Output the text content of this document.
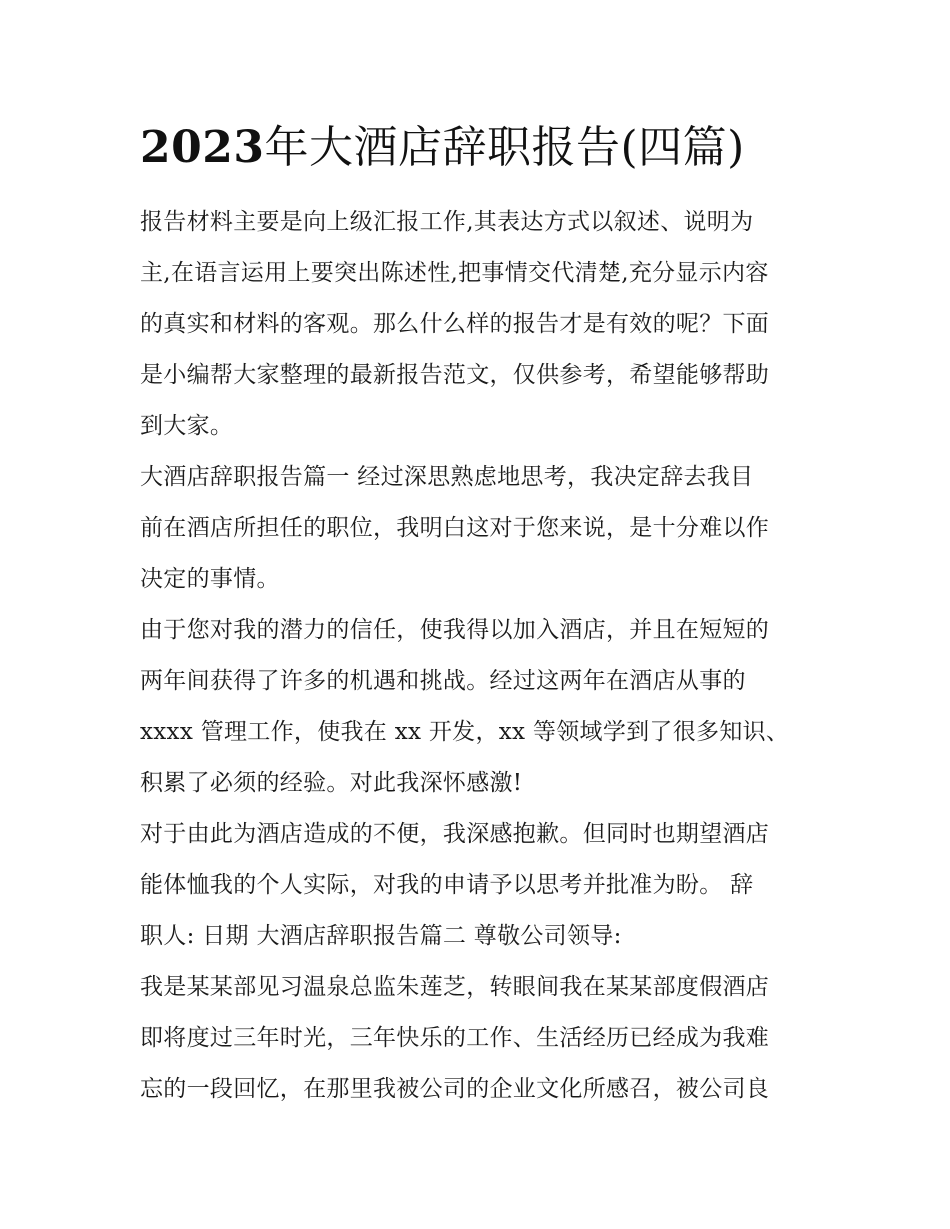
2023年大酒店辞职报告(四篇)
报告材料主要是向上级汇报工作,其表达方式以叙述、说明为
主,在语言运用上要突出陈述性,把事情交代清楚,充分显示内容
的真实和材料的客观。那么什么样的报告才是有效的呢？下面
是小编帮大家整理的最新报告范文，仅供参考，希望能够帮助
到大家。
大酒店辞职报告篇一 经过深思熟虑地思考，我决定辞去我目
前在酒店所担任的职位，我明白这对于您来说，是十分难以作
决定的事情。
由于您对我的潜力的信任，使我得以加入酒店，并且在短短的
两年间获得了许多的机遇和挑战。经过这两年在酒店从事的
xxxx 管理工作，使我在 xx 开发，xx 等领域学到了很多知识、
积累了必须的经验。对此我深怀感激!
对于由此为酒店造成的不便，我深感抱歉。但同时也期望酒店
能体恤我的个人实际，对我的申请予以思考并批准为盼。 辞
职人: 日期 大酒店辞职报告篇二 尊敬公司领导:
我是某某部见习温泉总监朱莲芝，转眼间我在某某部度假酒店
即将度过三年时光，三年快乐的工作、生活经历已经成为我难
忘的一段回忆，在那里我被公司的企业文化所感召，被公司良
